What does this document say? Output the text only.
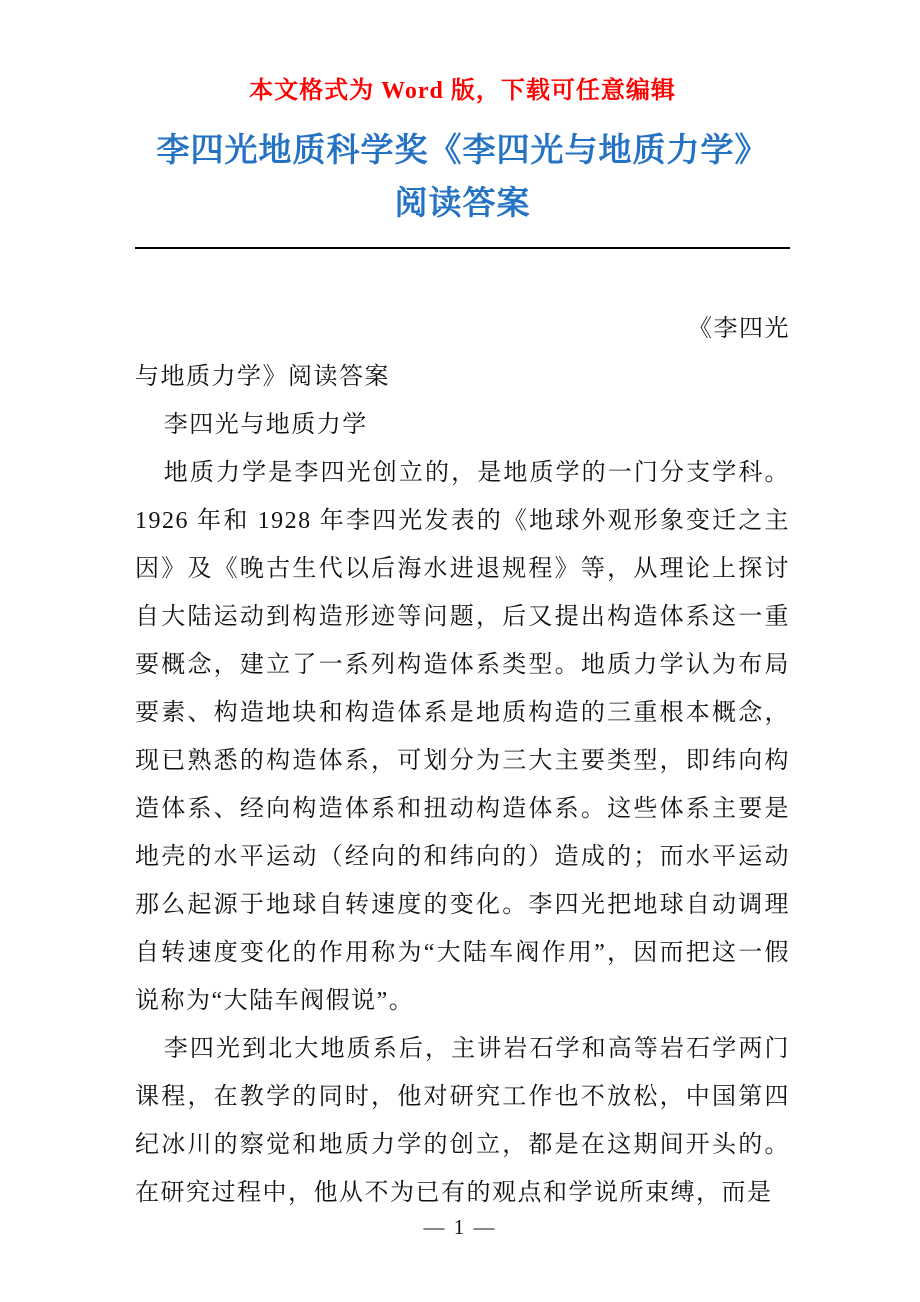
本文格式为 Word 版，下载可任意编辑
李四光地质科学奖《李四光与地质力学》
阅读答案

《李四光

与地质力学》阅读答案

李四光与地质力学

地质力学是李四光创立的，是地质学的一门分支学科。1926 年和 1928 年李四光发表的《地球外观形象变迁之主因》及《晚古生代以后海水进退规程》等，从理论上探讨自大陆运动到构造形迹等问题，后又提出构造体系这一重要概念，建立了一系列构造体系类型。地质力学认为布局要素、构造地块和构造体系是地质构造的三重根本概念，现已熟悉的构造体系，可划分为三大主要类型，即纬向构造体系、经向构造体系和扭动构造体系。这些体系主要是地壳的水平运动（经向的和纬向的）造成的；而水平运动那么起源于地球自转速度的变化。李四光把地球自动调理自转速度变化的作用称为“大陆车阀作用”，因而把这一假说称为“大陆车阀假说”。

李四光到北大地质系后，主讲岩石学和高等岩石学两门课程，在教学的同时，他对研究工作也不放松，中国第四纪冰川的察觉和地质力学的创立，都是在这期间开头的。在研究过程中，他从不为已有的观点和学说所束缚，而是

— 1 —
